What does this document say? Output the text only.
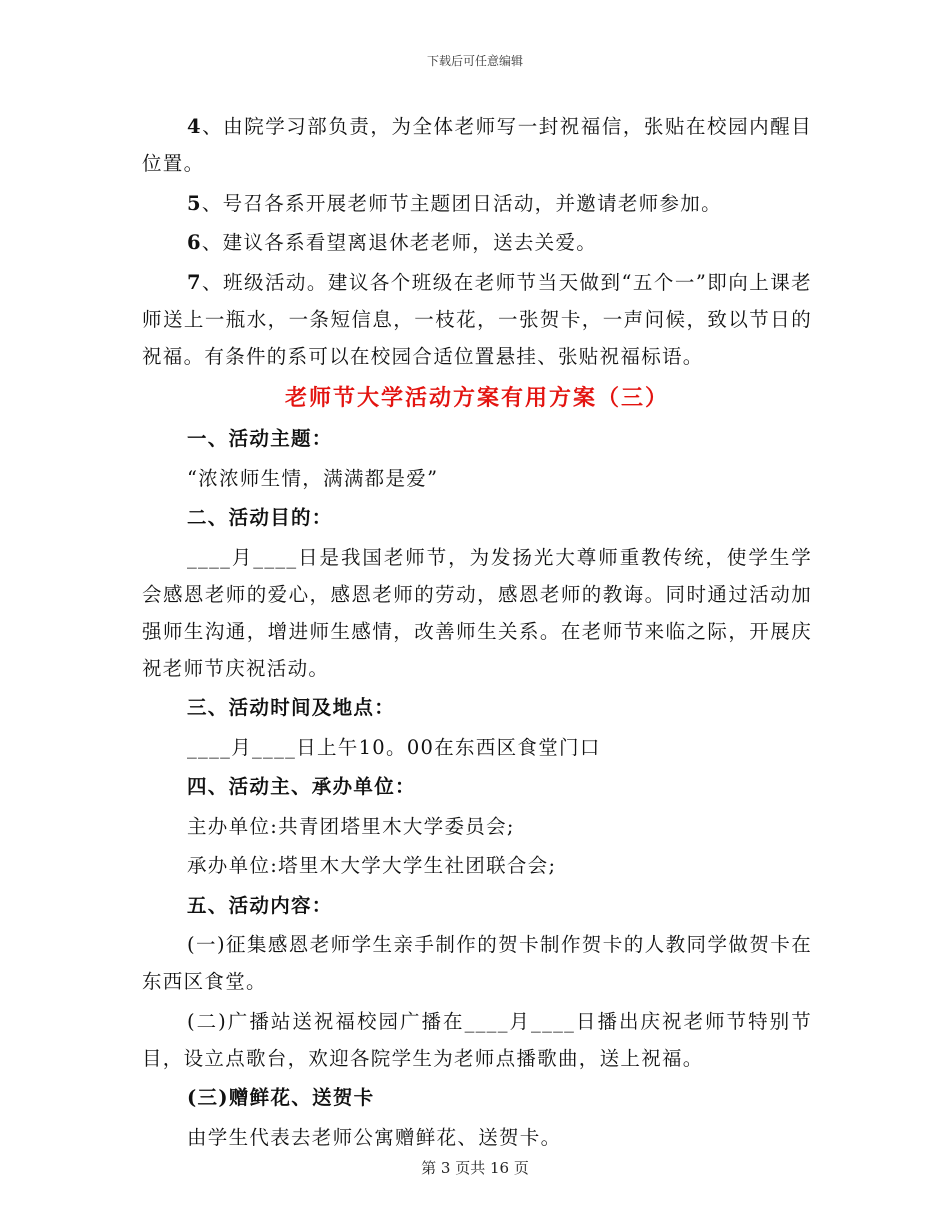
下载后可任意编辑

4、由院学习部负责，为全体老师写一封祝福信，张贴在校园内醒目位置。

5、号召各系开展老师节主题团日活动，并邀请老师参加。

6、建议各系看望离退休老老师，送去关爱。

7、班级活动。建议各个班级在老师节当天做到“五个一”即向上课老师送上一瓶水，一条短信息，一枝花，一张贺卡，一声问候，致以节日的祝福。有条件的系可以在校园合适位置悬挂、张贴祝福标语。

老师节大学活动方案有用方案（三）

一、活动主题：

“浓浓师生情，满满都是爱”

二、活动目的：

____月____日是我国老师节，为发扬光大尊师重教传统，使学生学会感恩老师的爱心，感恩老师的劳动，感恩老师的教诲。同时通过活动加强师生沟通，增进师生感情，改善师生关系。在老师节来临之际，开展庆祝老师节庆祝活动。

三、活动时间及地点：

____月____日上午10。00在东西区食堂门口

四、活动主、承办单位：

主办单位:共青团塔里木大学委员会;

承办单位:塔里木大学大学生社团联合会;

五、活动内容：

(一)征集感恩老师学生亲手制作的贺卡制作贺卡的人教同学做贺卡在东西区食堂。

(二)广播站送祝福校园广播在____月____日播出庆祝老师节特别节目，设立点歌台，欢迎各院学生为老师点播歌曲，送上祝福。

(三)赠鲜花、送贺卡

由学生代表去老师公寓赠鲜花、送贺卡。

第 3 页共 16 页
